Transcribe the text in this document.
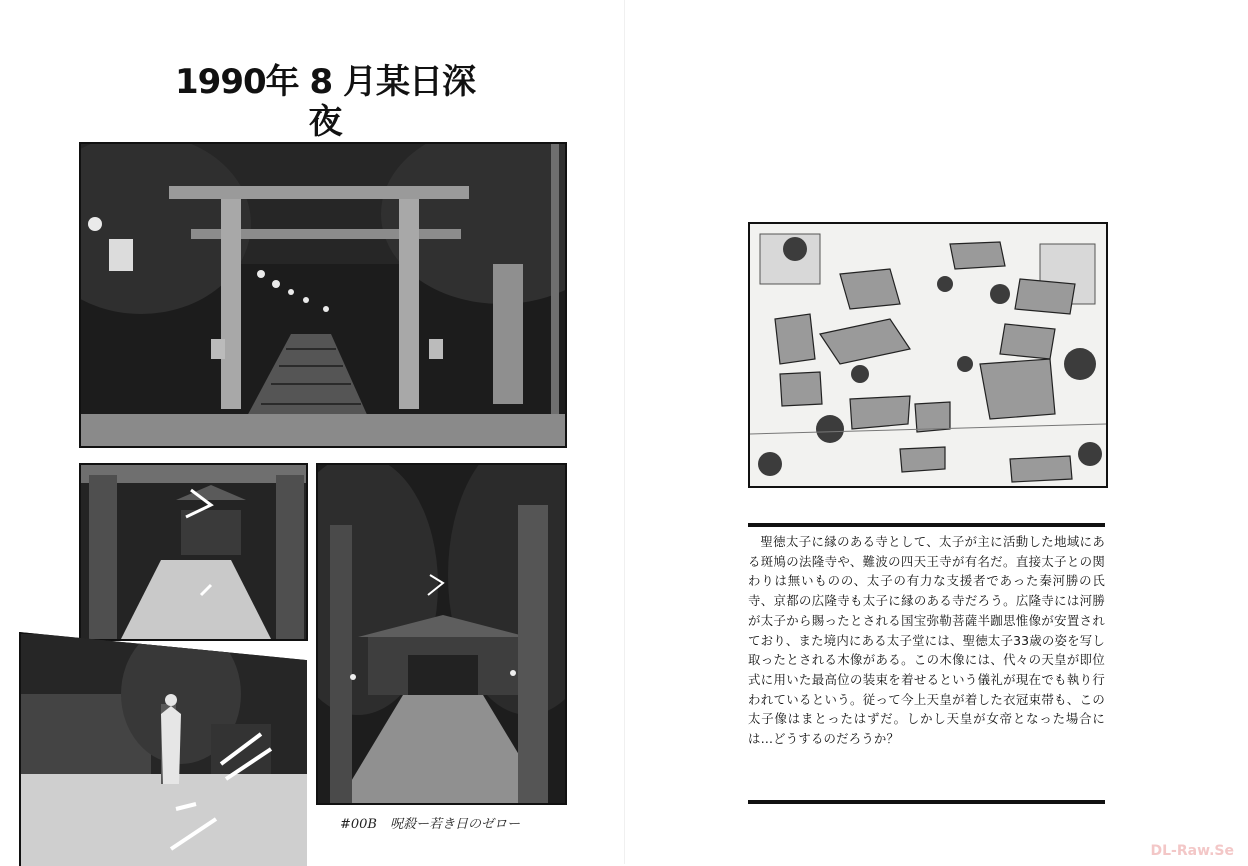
1990年 8 月某日深夜
#00B　呪殺ー若き日のゼロー

聖徳太子に縁のある寺として、太子が主に活動した地域にある斑鳩の法隆寺や、難波の四天王寺が有名だ。直接太子との関わりは無いものの、太子の有力な支援者であった秦河勝の氏寺、京都の広隆寺も太子に縁のある寺だろう。広隆寺には河勝が太子から賜ったとされる国宝弥勒菩薩半跏思惟像が安置されており、また境内にある太子堂には、聖徳太子33歳の姿を写し取ったとされる木像がある。この木像には、代々の天皇が即位式に用いた最高位の装束を着せるという儀礼が現在でも執り行われているという。従って今上天皇が着した衣冠束帯も、この太子像はまとったはずだ。しかし天皇が女帝となった場合には…どうするのだろうか？

DL-Raw.Se
